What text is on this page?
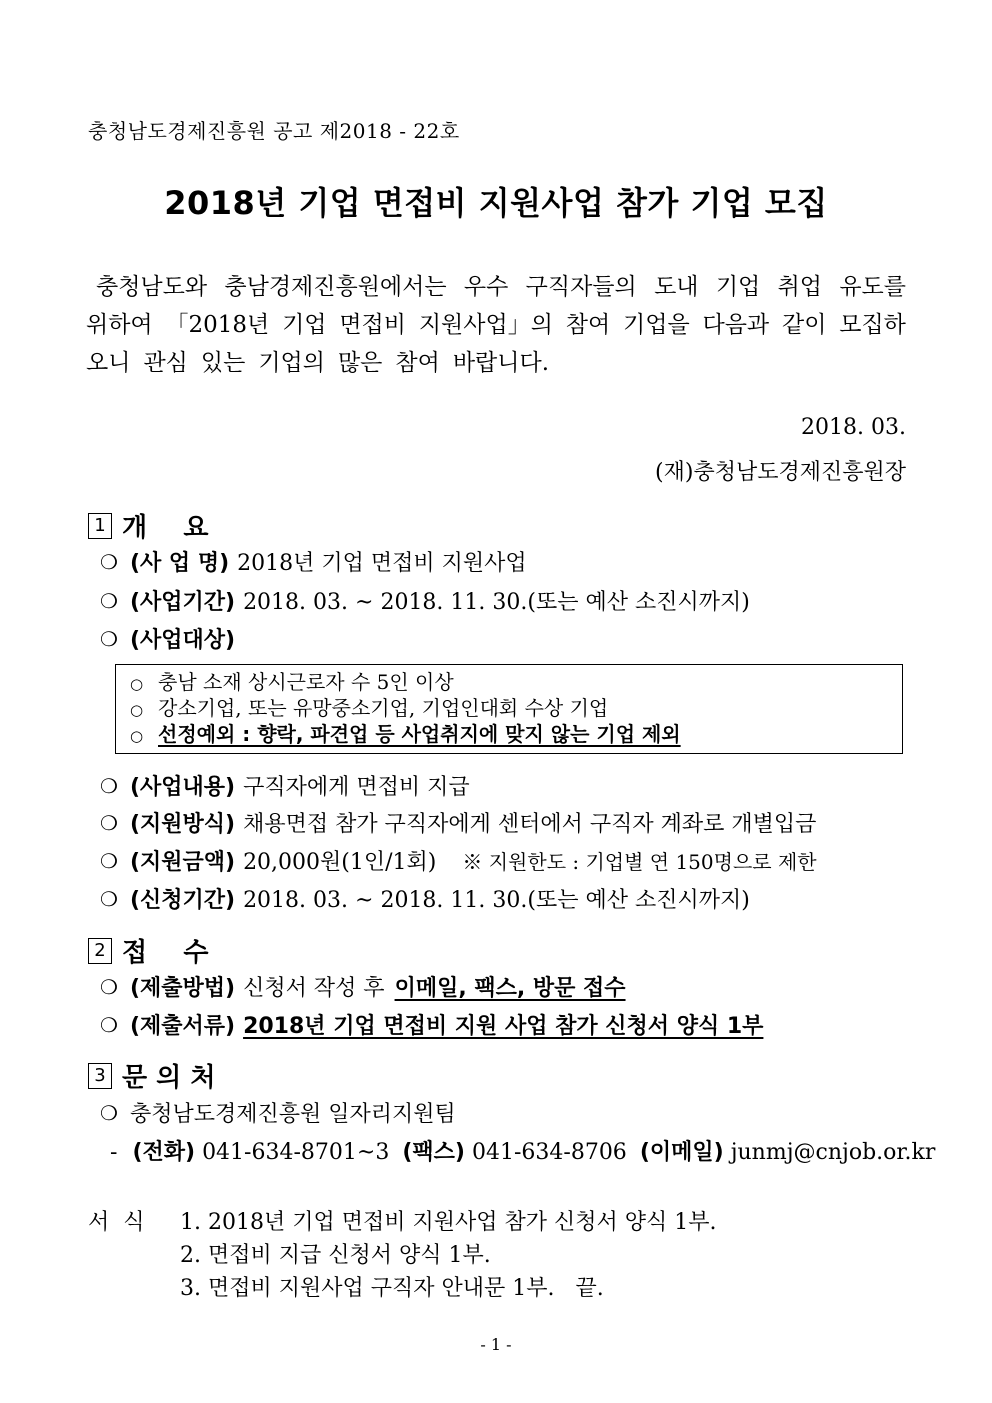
충청남도경제진흥원 공고 제2018 - 22호
2018년 기업 면접비 지원사업 참가 기업 모집
충청남도와 충남경제진흥원에서는 우수 구직자들의 도내 기업 취업 유도를
위하여 「2018년 기업 면접비 지원사업」의 참여 기업을 다음과 같이 모집하
오니 관심 있는 기업의 많은 참여 바랍니다.
2018. 03.
(재)충청남도경제진흥원장
1 개    요
❍ (사 업 명) 2018년 기업 면접비 지원사업
❍ (사업기간) 2018. 03. ~ 2018. 11. 30.(또는 예산 소진시까지)
❍ (사업대상)
○ 충남 소재 상시근로자 수 5인 이상
○ 강소기업, 또는 유망중소기업, 기업인대회 수상 기업
○ 선정예외 : 향락, 파견업 등 사업취지에 맞지 않는 기업 제외
❍ (사업내용) 구직자에게 면접비 지급
❍ (지원방식) 채용면접 참가 구직자에게 센터에서 구직자 계좌로 개별입금
❍ (지원금액) 20,000원(1인/1회) ※ 지원한도 : 기업별 연 150명으로 제한
❍ (신청기간) 2018. 03. ~ 2018. 11. 30.(또는 예산 소진시까지)
2 접    수
❍ (제출방법) 신청서 작성 후 이메일, 팩스, 방문 접수
❍ (제출서류) 2018년 기업 면접비 지원 사업 참가 신청서 양식 1부
3 문 의 처
❍ 충청남도경제진흥원 일자리지원팀
- (전화) 041-634-8701~3 (팩스) 041-634-8706 (이메일) junmj@cnjob.or.kr
서  식 1. 2018년 기업 면접비 지원사업 참가 신청서 양식 1부.
2. 면접비 지급 신청서 양식 1부.
3. 면접비 지원사업 구직자 안내문 1부.   끝.
- 1 -
